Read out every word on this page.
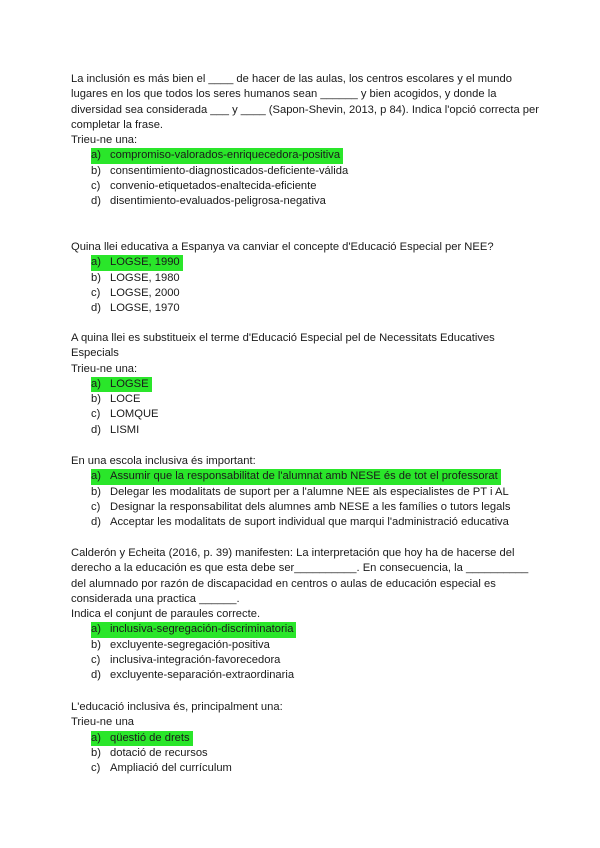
La inclusión es más bien el ____ de hacer de las aulas, los centros escolares y el mundo lugares en los que todos los seres humanos sean ______ y bien acogidos, y donde la diversidad sea considerada ___ y ____ (Sapon-Shevin, 2013, p 84). Indica l'opció correcta per completar la frase.

Trieu-ne una:

a) compromiso-valorados-enriquecedora-positiva
b) consentimiento-diagnosticados-deficiente-válida
c) convenio-etiquetados-enaltecida-eficiente
d) disentimiento-evaluados-peligrosa-negativa

Quina llei educativa a Espanya va canviar el concepte d'Educació Especial per NEE?

a) LOGSE, 1990
b) LOGSE, 1980
c) LOGSE, 2000
d) LOGSE, 1970

A quina llei es substitueix el terme d'Educació Especial pel de Necessitats Educatives Especials

Trieu-ne una:

a) LOGSE
b) LOCE
c) LOMQUE
d) LISMI

En una escola inclusiva és important:

a) Assumir que la responsabilitat de l'alumnat amb NESE és de tot el professorat
b) Delegar les modalitats de suport per a l'alumne NEE als especialistes de PT i AL
c) Designar la responsabilitat dels alumnes amb NESE a les famílies o tutors legals
d) Acceptar les modalitats de suport individual que marqui l'administració educativa

Calderón y Echeita (2016, p. 39) manifesten: La interpretación que hoy ha de hacerse del derecho a la educación es que esta debe ser__________. En consecuencia, la __________ del alumnado por razón de discapacidad en centros o aulas de educación especial es considerada una practica ______.

Indica el conjunt de paraules correcte.

a) inclusiva-segregación-discriminatoria
b) excluyente-segregación-positiva
c) inclusiva-integración-favorecedora
d) excluyente-separación-extraordinaria

L'educació inclusiva és, principalment una:

Trieu-ne una

a) qüestió de drets
b) dotació de recursos
c) Ampliació del currículum
